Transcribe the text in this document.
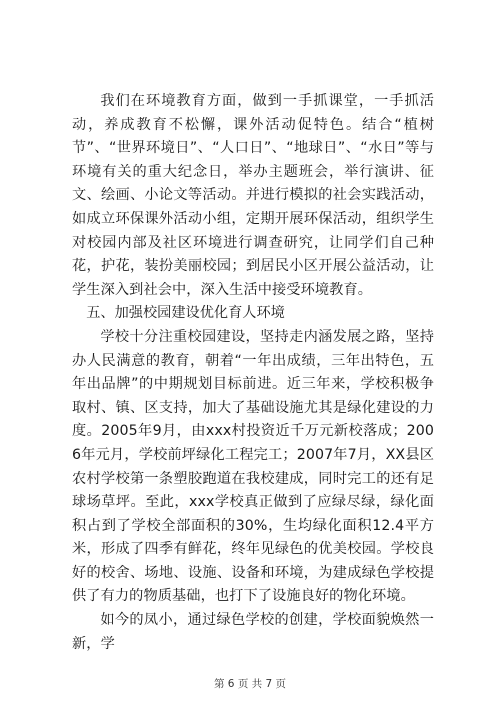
我们在环境教育方面，做到一手抓课堂，一手抓活动，养成教育不松懈，课外活动促特色。结合“植树节”、“世界环境日”、“人口日”、“地球日”、“水日”等与环境有关的重大纪念日，举办主题班会，举行演讲、征文、绘画、小论文等活动。并进行模拟的社会实践活动，如成立环保课外活动小组，定期开展环保活动，组织学生对校园内部及社区环境进行调查研究，让同学们自己种花，护花，装扮美丽校园；到居民小区开展公益活动，让学生深入到社会中，深入生活中接受环境教育。

五、加强校园建设优化育人环境

学校十分注重校园建设，坚持走内涵发展之路，坚持办人民满意的教育，朝着“一年出成绩，三年出特色，五年出品牌”的中期规划目标前进。近三年来，学校积极争取村、镇、区支持，加大了基础设施尤其是绿化建设的力度。2005年9月，由xxx村投资近千万元新校落成；2006年元月，学校前坪绿化工程完工；2007年7月，XX县区农村学校第一条塑胶跑道在我校建成，同时完工的还有足球场草坪。至此，xxx学校真正做到了应绿尽绿，绿化面积占到了学校全部面积的30%，生均绿化面积12.4平方米，形成了四季有鲜花，终年见绿色的优美校园。学校良好的校舍、场地、设施、设备和环境，为建成绿色学校提供了有力的物质基础，也打下了设施良好的物化环境。

如今的凤小，通过绿色学校的创建，学校面貌焕然一新，学

第 6 页 共 7 页
